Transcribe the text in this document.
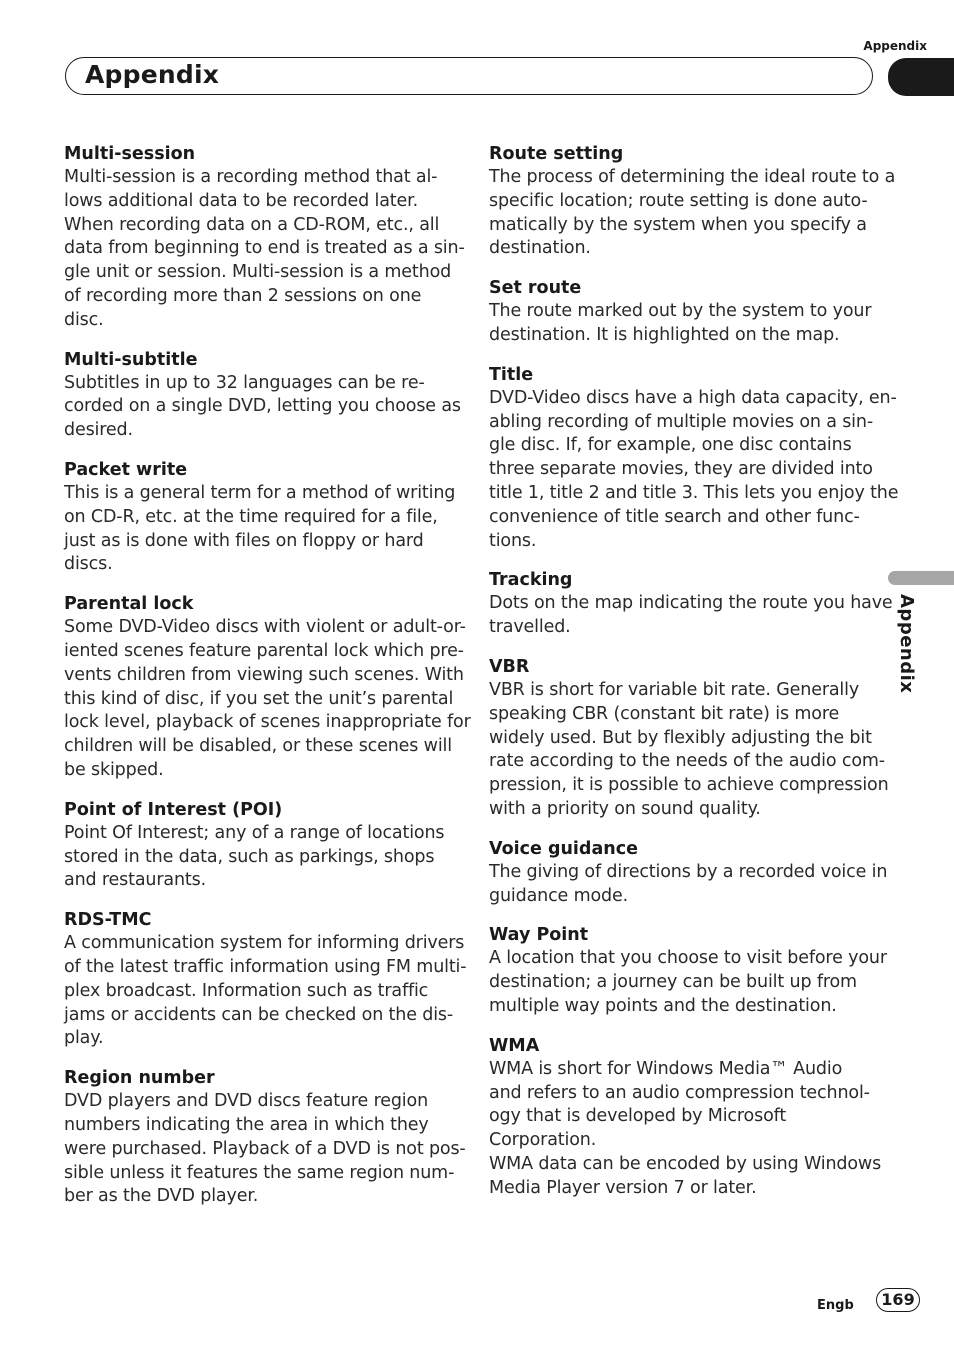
Appendix
Appendix
Appendix
Multi-session
Multi-session is a recording method that al-
lows additional data to be recorded later.
When recording data on a CD-ROM, etc., all
data from beginning to end is treated as a sin-
gle unit or session. Multi-session is a method
of recording more than 2 sessions on one
disc.
Multi-subtitle
Subtitles in up to 32 languages can be re-
corded on a single DVD, letting you choose as
desired.
Packet write
This is a general term for a method of writing
on CD-R, etc. at the time required for a file,
just as is done with files on floppy or hard
discs.
Parental lock
Some DVD-Video discs with violent or adult-or-
iented scenes feature parental lock which pre-
vents children from viewing such scenes. With
this kind of disc, if you set the unit’s parental
lock level, playback of scenes inappropriate for
children will be disabled, or these scenes will
be skipped.
Point of Interest (POI)
Point Of Interest; any of a range of locations
stored in the data, such as parkings, shops
and restaurants.
RDS-TMC
A communication system for informing drivers
of the latest traffic information using FM multi-
plex broadcast. Information such as traffic
jams or accidents can be checked on the dis-
play.
Region number
DVD players and DVD discs feature region
numbers indicating the area in which they
were purchased. Playback of a DVD is not pos-
sible unless it features the same region num-
ber as the DVD player.
Route setting
The process of determining the ideal route to a
specific location; route setting is done auto-
matically by the system when you specify a
destination.
Set route
The route marked out by the system to your
destination. It is highlighted on the map.
Title
DVD-Video discs have a high data capacity, en-
abling recording of multiple movies on a sin-
gle disc. If, for example, one disc contains
three separate movies, they are divided into
title 1, title 2 and title 3. This lets you enjoy the
convenience of title search and other func-
tions.
Tracking
Dots on the map indicating the route you have
travelled.
VBR
VBR is short for variable bit rate. Generally
speaking CBR (constant bit rate) is more
widely used. But by flexibly adjusting the bit
rate according to the needs of the audio com-
pression, it is possible to achieve compression
with a priority on sound quality.
Voice guidance
The giving of directions by a recorded voice in
guidance mode.
Way Point
A location that you choose to visit before your
destination; a journey can be built up from
multiple way points and the destination.
WMA
WMA is short for Windows Media™ Audio
and refers to an audio compression technol-
ogy that is developed by Microsoft
Corporation.
WMA data can be encoded by using Windows
Media Player version 7 or later.
Engb	169
